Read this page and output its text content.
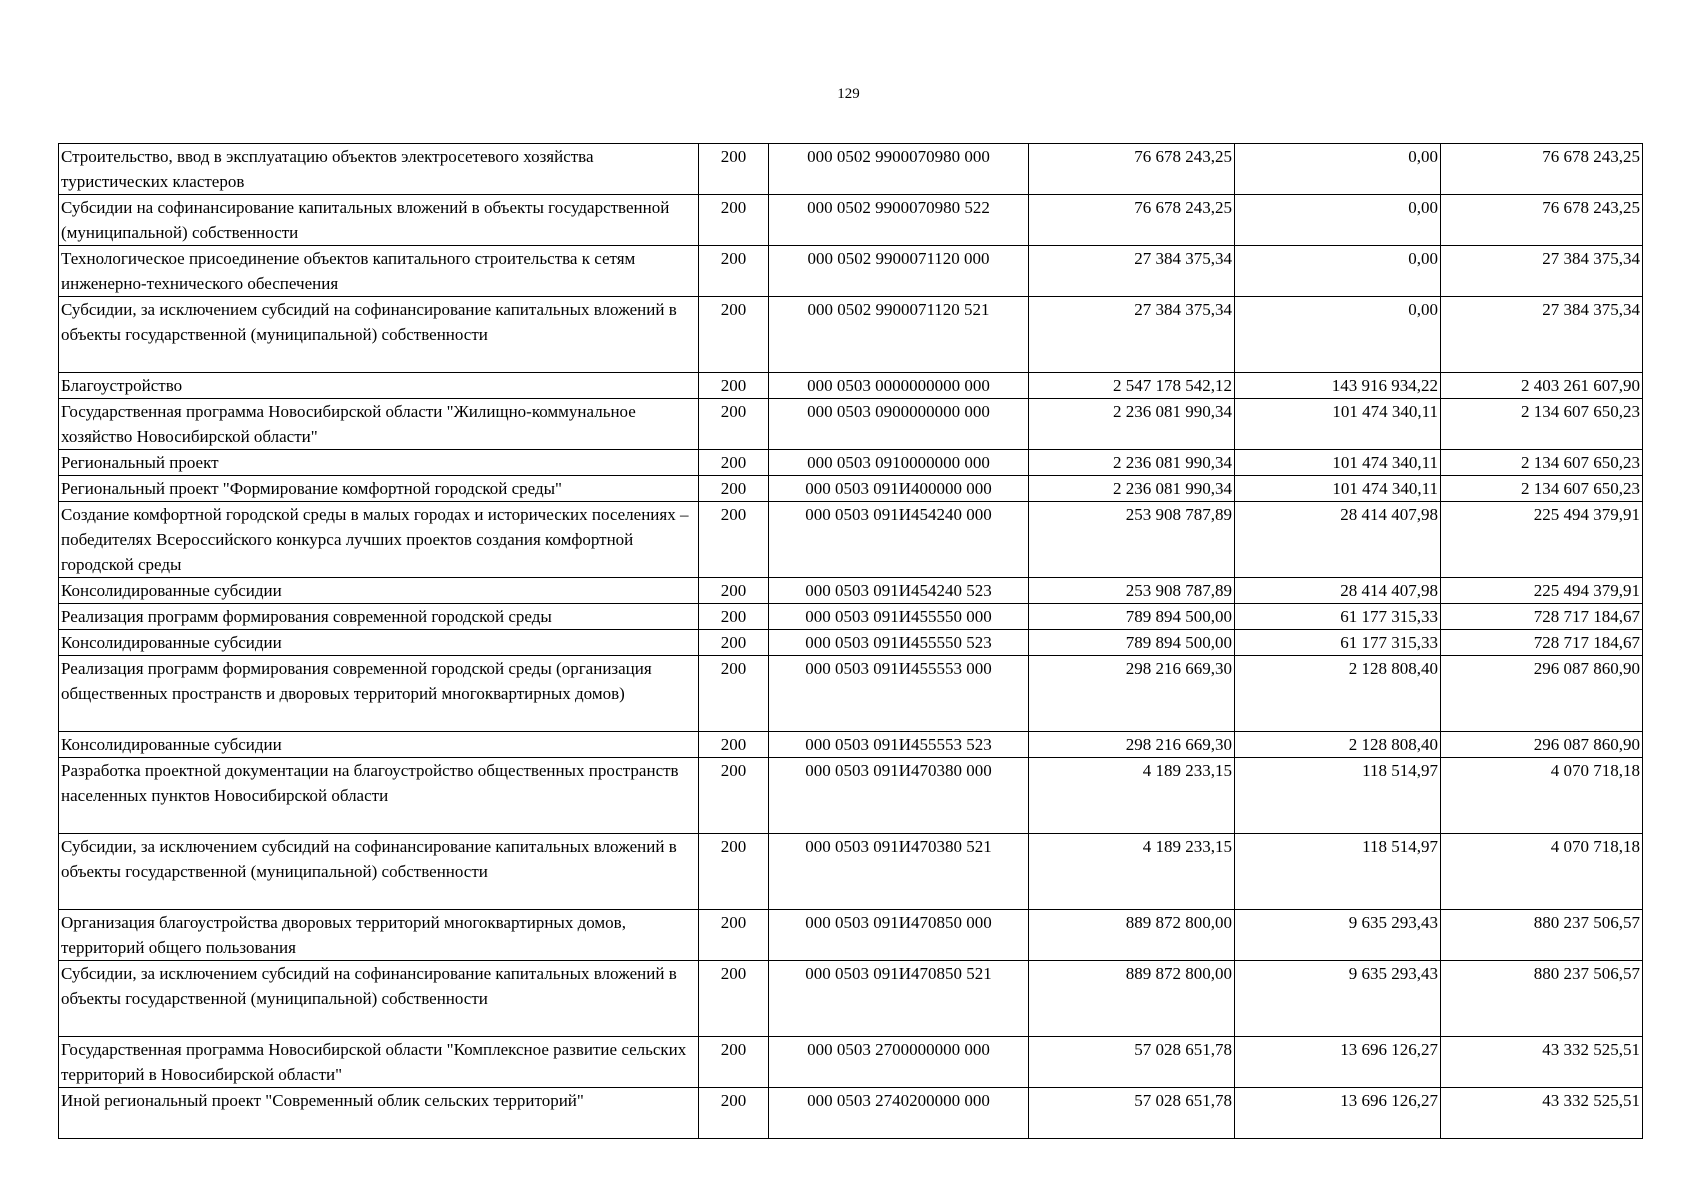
129
Строительство, ввод в эксплуатацию объектов электросетевого хозяйства туристических кластеров	200	000 0502 9900070980 000	76 678 243,25	0,00	76 678 243,25
Субсидии на софинансирование капитальных вложений в объекты государственной (муниципальной) собственности	200	000 0502 9900070980 522	76 678 243,25	0,00	76 678 243,25
Технологическое присоединение объектов капитального строительства к сетям инженерно-технического обеспечения	200	000 0502 9900071120 000	27 384 375,34	0,00	27 384 375,34
Субсидии, за исключением субсидий на софинансирование капитальных вложений в объекты государственной (муниципальной) собственности	200	000 0502 9900071120 521	27 384 375,34	0,00	27 384 375,34
Благоустройство	200	000 0503 0000000000 000	2 547 178 542,12	143 916 934,22	2 403 261 607,90
Государственная программа Новосибирской области "Жилищно-коммунальное хозяйство Новосибирской области"	200	000 0503 0900000000 000	2 236 081 990,34	101 474 340,11	2 134 607 650,23
Региональный проект	200	000 0503 0910000000 000	2 236 081 990,34	101 474 340,11	2 134 607 650,23
Региональный проект "Формирование комфортной городской среды"	200	000 0503 091И400000 000	2 236 081 990,34	101 474 340,11	2 134 607 650,23
Создание комфортной городской среды в малых городах и исторических поселениях – победителях Всероссийского конкурса лучших проектов создания комфортной городской среды	200	000 0503 091И454240 000	253 908 787,89	28 414 407,98	225 494 379,91
Консолидированные субсидии	200	000 0503 091И454240 523	253 908 787,89	28 414 407,98	225 494 379,91
Реализация программ формирования современной городской среды	200	000 0503 091И455550 000	789 894 500,00	61 177 315,33	728 717 184,67
Консолидированные субсидии	200	000 0503 091И455550 523	789 894 500,00	61 177 315,33	728 717 184,67
Реализация программ формирования современной городской среды (организация общественных пространств и дворовых территорий многоквартирных домов)	200	000 0503 091И455553 000	298 216 669,30	2 128 808,40	296 087 860,90
Консолидированные субсидии	200	000 0503 091И455553 523	298 216 669,30	2 128 808,40	296 087 860,90
Разработка проектной документации на благоустройство общественных пространств населенных пунктов Новосибирской области	200	000 0503 091И470380 000	4 189 233,15	118 514,97	4 070 718,18
Субсидии, за исключением субсидий на софинансирование капитальных вложений в объекты государственной (муниципальной) собственности	200	000 0503 091И470380 521	4 189 233,15	118 514,97	4 070 718,18
Организация благоустройства дворовых территорий многоквартирных домов, территорий общего пользования	200	000 0503 091И470850 000	889 872 800,00	9 635 293,43	880 237 506,57
Субсидии, за исключением субсидий на софинансирование капитальных вложений в объекты государственной (муниципальной) собственности	200	000 0503 091И470850 521	889 872 800,00	9 635 293,43	880 237 506,57
Государственная программа Новосибирской области "Комплексное развитие сельских территорий в Новосибирской области"	200	000 0503 2700000000 000	57 028 651,78	13 696 126,27	43 332 525,51
Иной региональный проект "Современный облик сельских территорий"	200	000 0503 2740200000 000	57 028 651,78	13 696 126,27	43 332 525,51
